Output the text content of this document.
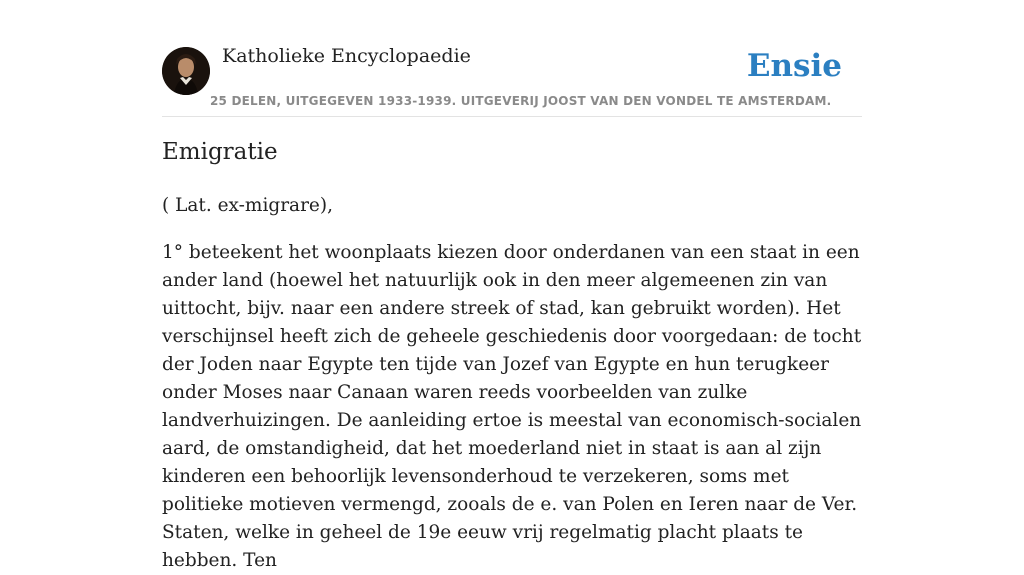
Katholieke Encyclopaedie
25 DELEN, UITGEGEVEN 1933-1939. UITGEVERIJ JOOST VAN DEN VONDEL TE AMSTERDAM.
Ensie
Emigratie

( Lat. ex-migrare),

1° beteekent het woonplaats kiezen door onderdanen van een staat in een ander land (hoewel het natuurlijk ook in den meer algemeenen zin van uittocht, bijv. naar een andere streek of stad, kan gebruikt worden). Het verschijnsel heeft zich de geheele geschiedenis door voorgedaan: de tocht der Joden naar Egypte ten tijde van Jozef van Egypte en hun terugkeer onder Moses naar Canaan waren reeds voorbeelden van zulke landverhuizingen. De aanleiding ertoe is meestal van economisch-socialen aard, de omstandigheid, dat het moederland niet in staat is aan al zijn kinderen een behoorlijk levensonderhoud te verzekeren, soms met politieke motieven vermengd, zooals de e. van Polen en Ieren naar de Ver. Staten, welke in geheel de 19e eeuw vrij regelmatig placht plaats te hebben. Ten
